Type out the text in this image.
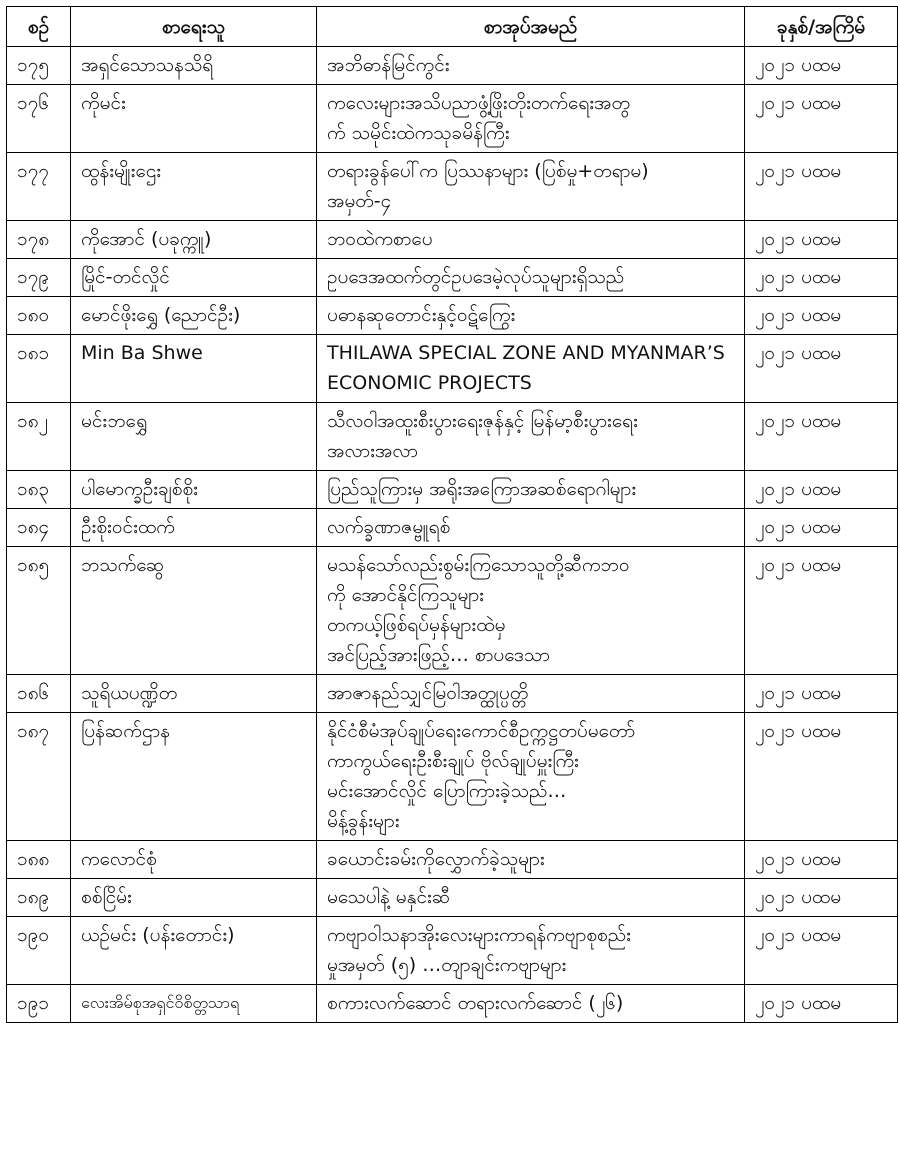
စဉ်	စာရေးသူ	စာအုပ်အမည်	ခုနှစ်/အကြိမ်
၁၇၅	အရှင်သောသနသိရိ	အဘိဓာန်မြင်ကွင်း	၂၀၂၁ ပထမ
၁၇၆	ကိုမင်း	ကလေးများအသိပညာဖွံ့ဖြိုးတိုးတက်ရေးအတွ
က် သမိုင်းထဲကသုခမိန်ကြီး	၂၀၂၁ ပထမ
၁၇၇	ထွန်းမျိုးဌေး	တရားခွန်ပေါ်က ပြဿနာများ (ပြစ်မှု+တရာမ)
အမှတ်-၄	၂၀၂၁ ပထမ
၁၇၈	ကိုအောင် (ပခုက္ကူ)	ဘဝထဲကစာပေ	၂၀၂၁ ပထမ
၁၇၉	မြိုင်-တင်လှိုင်	ဥပဒေအထက်တွင်ဥပဒေမဲ့လုပ်သူများရှိသည်	၂၀၂၁ ပထမ
၁၈၀	မောင်ဖိုးရွှေ (ညောင်ဦး)	ပဓာနဆုတောင်းနှင့်ဝဋ်ကြွေး	၂၀၂၁ ပထမ
၁၈၁	Min Ba Shwe	THILAWA SPECIAL ZONE AND MYANMAR’S
ECONOMIC PROJECTS	၂၀၂၁ ပထမ
၁၈၂	မင်းဘရွှေ	သီလဝါအထူးစီးပွားရေးဇုန်နှင့် မြန်မာ့စီးပွားရေး
အလားအလာ	၂၀၂၁ ပထမ
၁၈၃	ပါမောက္ခဦးချစ်စိုး	ပြည်သူကြားမှ အရိုးအကြောအဆစ်ရောဂါများ	၂၀၂၁ ပထမ
၁၈၄	ဦးစိုးဝင်းထက်	လက်ခ္ခဏာဇမ္ဗူရစ်	၂၀၂၁ ပထမ
၁၈၅	ဘသက်ဆွေ	မသန်သော်လည်းစွမ်းကြသောသူတို့ဆီကဘဝ
ကို အောင်နိုင်ကြသူများ
တကယ့်ဖြစ်ရပ်မှန်များထဲမှ
အင်ပြည့်အားဖြည့်… စာပဒေသာ	၂၀၂၁ ပထမ
၁၈၆	သူရိယပဏ္ဍိတ	အာဇာနည်သျှင်မြဝါအတ္ထုပ္ပတ္တိ	၂၀၂၁ ပထမ
၁၈၇	ပြန်ဆက်ဌာန	နိုင်ငံစီမံအုပ်ချုပ်ရေးကောင်စီဥက္ကဋ္ဌတပ်မတော်
ကာကွယ်ရေးဦးစီးချုပ် ဗိုလ်ချုပ်မှူးကြီး
မင်းအောင်လှိုင် ပြောကြားခဲ့သည်…
မိန့်ခွန်းများ	၂၀၂၁ ပထမ
၁၈၈	ကလောင်စုံ	ခယောင်းခမ်းကိုလွှောက်ခဲ့သူများ	၂၀၂၁ ပထမ
၁၈၉	စစ်ငြိမ်း	မသေပါနဲ့ မနှင်းဆီ	၂၀၂၁ ပထမ
၁၉၀	ယဉ်မင်း (ပန်းတောင်း)	ကဗျာဝါသနာအိုးလေးများကာရန်ကဗျာစုစည်း
မှုအမှတ် (၅) …တျာချင်းကဗျာများ	၂၀၂၁ ပထမ
၁၉၁	လေးအိမ်စုအရှင်ဝိစိတ္တသာရ	စကားလက်ဆောင် တရားလက်ဆောင် (၂၆)	၂၀၂၁ ပထမ
